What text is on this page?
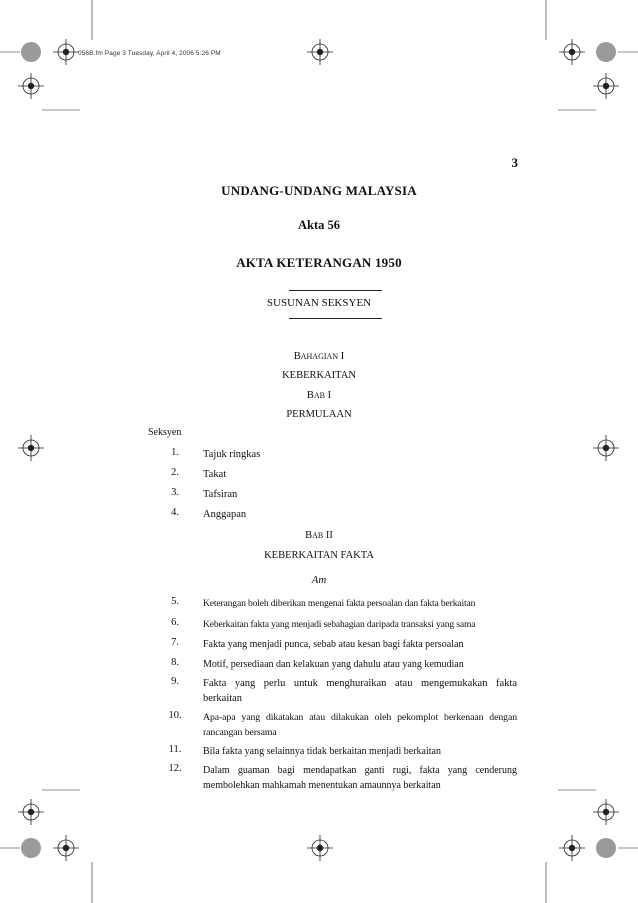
056B.fm Page 3 Tuesday, April 4, 2006 5:26 PM
3
UNDANG-UNDANG MALAYSIA
Akta 56
AKTA KETERANGAN 1950
SUSUNAN SEKSYEN
BAHAGIAN I
KEBERKAITAN
BAB I
PERMULAAN
Seksyen
1.	Tajuk ringkas
2.	Takat
3.	Tafsiran
4.	Anggapan
BAB II
KEBERKAITAN FAKTA
Am
5.	Keterangan boleh diberikan mengenai fakta persoalan dan fakta berkaitan
6.	Keberkaitan fakta yang menjadi sebahagian daripada transaksi yang sama
7.	Fakta yang menjadi punca, sebab atau kesan bagi fakta persoalan
8.	Motif, persediaan dan kelakuan yang dahulu atau yang kemudian
9.	Fakta yang perlu untuk menghuraikan atau mengemukakan fakta berkaitan
10.	Apa-apa yang dikatakan atau dilakukan oleh pekomplot berkenaan dengan rancangan bersama
11.	Bila fakta yang selainnya tidak berkaitan menjadi berkaitan
12.	Dalam guaman bagi mendapatkan ganti rugi, fakta yang cenderung membolehkan mahkamah menentukan amaunnya berkaitan
